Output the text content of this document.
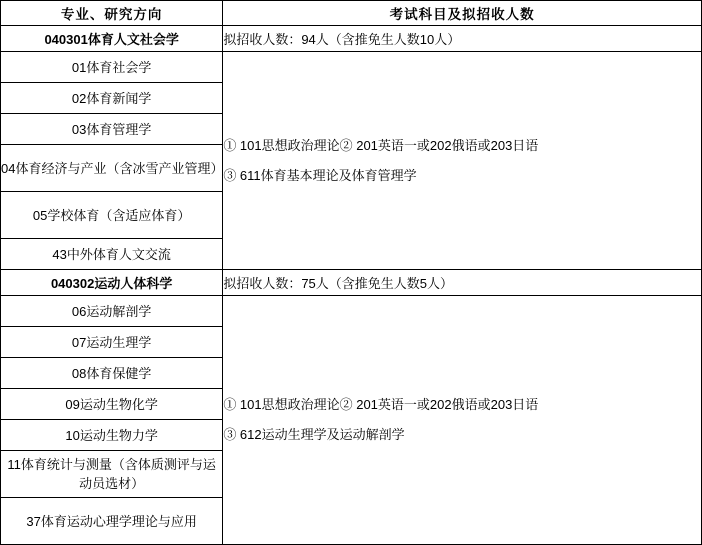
专业、研究方向	考试科目及拟招收人数

040301体育人文社会学	拟招收人数：94人（含推免生人数10人）
01体育社会学	① 101思想政治理论② 201英语一或202俄语或203日语
③ 611体育基本理论及体育管理学

02体育新闻学	
03体育管理学	
04体育经济与产业（含冰雪产业管理）	
05学校体育（含适应体育）	
43中外体育人文交流	
040302运动人体科学	拟招收人数：75人（含推免生人数5人）
06运动解剖学	① 101思想政治理论② 201英语一或202俄语或203日语
③ 612运动生理学及运动解剖学

07运动生理学	
08体育保健学	
09运动生物化学	
10运动生物力学	
11体育统计与测量（含体质测评与运动员选材）	
37体育运动心理学理论与应用	
